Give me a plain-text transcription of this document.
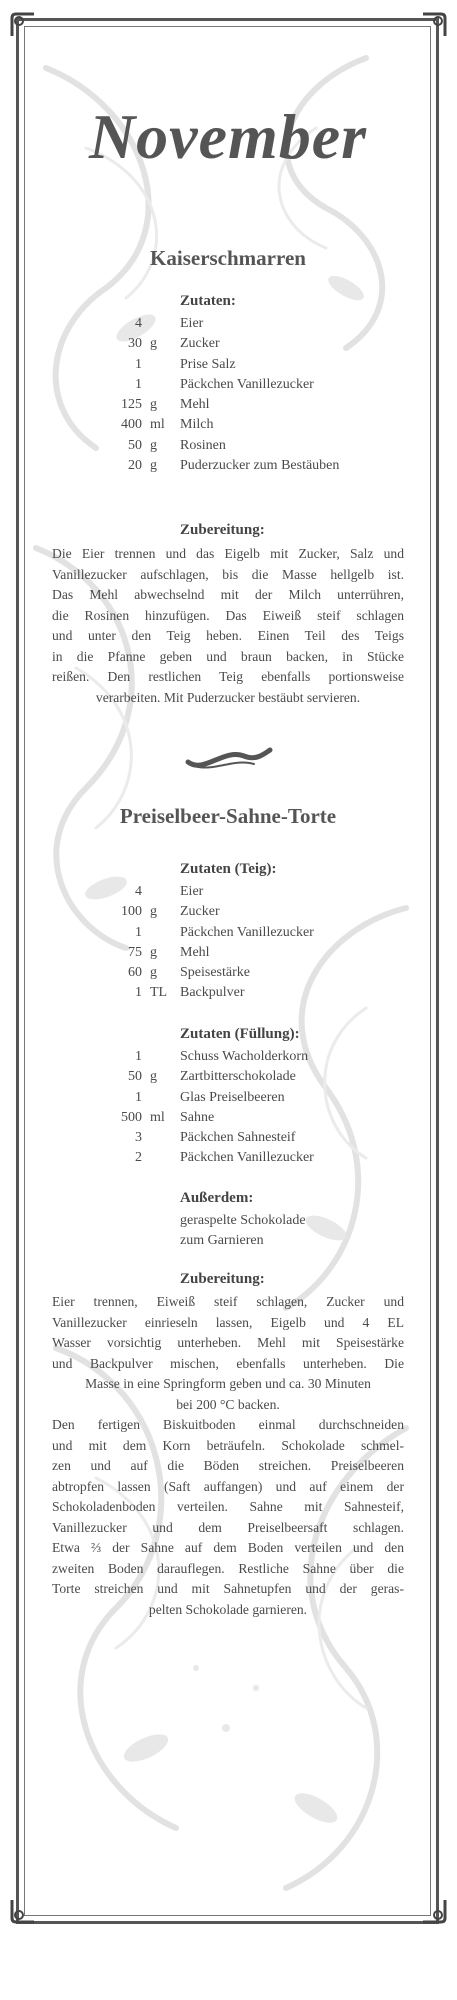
November
Kaiserschmarren
Zutaten:
4	Eier
30 g Zucker
1	Prise Salz
1	Päckchen Vanillezucker
125 g Mehl
400 ml Milch
50 g Rosinen
20 g Puderzucker zum Bestäuben
Zubereitung:
Die Eier trennen und das Eigelb mit Zucker, Salz und
Vanillezucker aufschlagen, bis die Masse hellgelb ist.
Das Mehl abwechselnd mit der Milch unterrühren,
die Rosinen hinzufügen. Das Eiweiß steif schlagen
und unter den Teig heben. Einen Teil des Teigs
in die Pfanne geben und braun backen, in Stücke
reißen. Den restlichen Teig ebenfalls portionsweise
verarbeiten. Mit Puderzucker bestäubt servieren.
Preiselbeer-Sahne-Torte
Zutaten (Teig):
4	Eier
100 g Zucker
1	Päckchen Vanillezucker
75 g Mehl
60 g Speisestärke
1 TL Backpulver
Zutaten (Füllung):
1	Schuss Wacholderkorn
50 g Zartbitterschokolade
1	Glas Preiselbeeren
500 ml Sahne
3	Päckchen Sahnesteif
2	Päckchen Vanillezucker
Außerdem:
geraspelte Schokolade
zum Garnieren
Zubereitung:
Eier trennen, Eiweiß steif schlagen, Zucker und
Vanillezucker einrieseln lassen, Eigelb und 4 EL
Wasser vorsichtig unterheben. Mehl mit Speisestärke
und Backpulver mischen, ebenfalls unterheben. Die
Masse in eine Springform geben und ca. 30 Minuten
bei 200 °C backen.
Den fertigen Biskuitboden einmal durchschneiden
und mit dem Korn beträufeln. Schokolade schmel-
zen und auf die Böden streichen. Preiselbeeren
abtropfen lassen (Saft auffangen) und auf einem der
Schokoladenboden verteilen. Sahne mit Sahnesteif,
Vanillezucker und dem Preiselbeersaft schlagen.
Etwa ⅔ der Sahne auf dem Boden verteilen und den
zweiten Boden darauflegen. Restliche Sahne über die
Torte streichen und mit Sahnetupfen und der geras-
pelten Schokolade garnieren.
